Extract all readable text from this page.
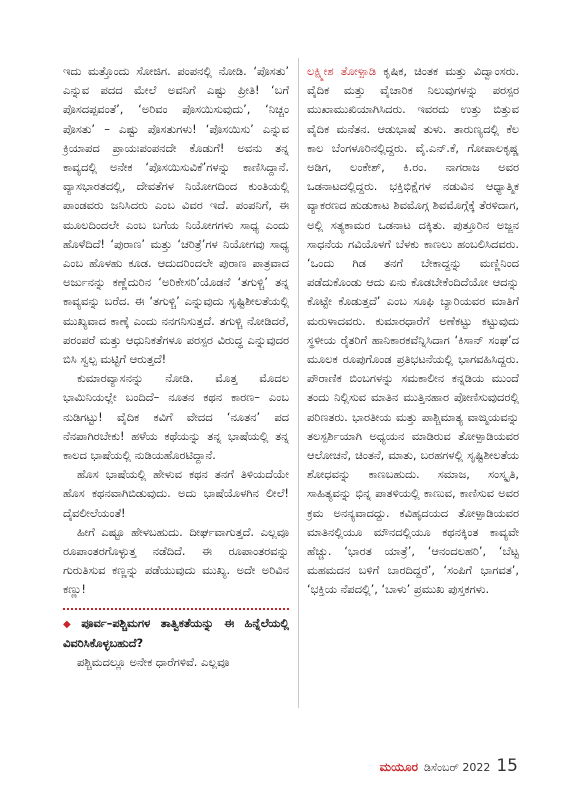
ಇದು ಮತ್ತೊಂದು ಸೋಜಿಗ. ಪಂಪನಲ್ಲಿ ನೋಡಿ. ‘ಪೊಸತು’ ಎನ್ನುವ ಪದದ ಮೇಲೆ ಅವನಿಗೆ ಎಷ್ಟು ಪ್ರೀತಿ! ‘ಬಗೆ ಪೊಸದಪ್ಪವಂತೆ’, ‘ಅರಿವಂ ಪೊಸಯಿಸುವುದು’, ‘ನಿಚ್ಚಂ ಪೊಸತು’ – ಎಷ್ಟು ಪೊಸತುಗಳು! ‘ಪೊಸಯಿಸು’ ಎನ್ನುವ ಕ್ರಿಯಾಪದ ಪ್ರಾಯಃಪಂಪನದೇ ಕೊಡುಗೆ! ಅವನು ತನ್ನ ಕಾವ್ಯದಲ್ಲಿ ಅನೇಕ ‘ಪೊಸಯಿಸುವಿಕೆ’ಗಳನ್ನು ಕಾಣಿಸಿದ್ದಾನೆ. ವ್ಯಾಸಭಾರತದಲ್ಲಿ, ದೇವತೆಗಳ ನಿಯೋಗದಿಂದ ಕುಂತಿಯಲ್ಲಿ ಪಾಂಡವರು ಜನಿಸಿದರು ಎಂಬ ವಿವರ ಇದೆ. ಪಂಪನಿಗೆ, ಈ ಮೂಲದಿಂದಲೇ ಎಂಬ ಬಗೆಯ ನಿಯೋಗಗಳು ಸಾಧ್ಯ ಎಂದು ಹೊಳೆದಿದೆ! ‘ಪುರಾಣ’ ಮತ್ತು ‘ಚರಿತ್ರೆ’ಗಳ ನಿಯೋಗವು ಸಾಧ್ಯ ಎಂಬ ಹೊಳಹು ಕೂಡ. ಆದುದರಿಂದಲೇ ಪುರಾಣ ಪಾತ್ರವಾದ ಅರ್ಜುನನ್ನು ಕಣ್ಣೆದುರಿನ ‘ಅರಿಕೇಸರಿ’ಯೊಡನೆ ‘ತಗುಳ್ಚಿ’ ತನ್ನ ಕಾವ್ಯವನ್ನು ಬರೆದ. ಈ ‘ತಗುಳ್ಚಿ’ ಎನ್ನುವುದು ಸೃಷ್ಟಿಶೀಲತೆಯಲ್ಲಿ ಮುಖ್ಯವಾದ ಕಾಣ್ಕೆ ಎಂದು ನನಗನಿಸುತ್ತದೆ. ತಗುಳ್ಚಿ ನೋಡಿದರೆ, ಪರಂಪರೆ ಮತ್ತು ಆಧುನಿಕತೆಗಳೂ ಪರಸ್ಪರ ವಿರುದ್ಧ ಎನ್ನುವುದರ ಬಿಸಿ ಸ್ವಲ್ಪ ಮಟ್ಟಿಗೆ ಆರುತ್ತದೆ!

ಕುಮಾರವ್ಯಾಸನನ್ನು ನೋಡಿ. ಮೊತ್ತ ಮೊದಲ ಭಾಮಿನಿಯಲ್ಲೇ ಬಂದಿದೆ– ನೂತನ ಕಥನ ಕಾರಣ– ಎಂಬ ನುಡಿಗಟ್ಟು! ವೈದಿಕ ಕವಿಗೆ ವೇದದ ‘ನೂತನ’ ಪದ ನೆನಪಾಗಿರಬೇಕು! ಹಳೆಯ ಕಥೆಯನ್ನು ತನ್ನ ಭಾಷೆಯಲ್ಲಿ ತನ್ನ ಕಾಲದ ಭಾಷೆಯಲ್ಲಿ ನುಡಿಯಹೊರಟಿದ್ದಾನೆ.

ಹೊಸ ಭಾಷೆಯಲ್ಲಿ ಹೇಳುವ ಕಥನ ತನಗೆ ತಿಳಿಯದೆಯೇ ಹೊಸ ಕಥನವಾಗಿಬಿಡುವುದು. ಅದು ಭಾಷೆಯೊಳಗಿನ ಲೀಲೆ! ದೈವಲೀಲೆಯಂತೆ!

ಹೀಗೆ ಎಷ್ಟೂ ಹೇಳಬಹುದು. ದೀರ್ಘವಾಗುತ್ತದೆ. ಎಲ್ಲವೂ ರೂಪಾಂತರಗೊಳ್ಳುತ್ತ ನಡೆದಿದೆ. ಈ ರೂಪಾಂತರವನ್ನು ಗುರುತಿಸುವ ಕಣ್ಣನ್ನು ಪಡೆಯುವುದು ಮುಖ್ಯ. ಅದೇ ಅರಿವಿನ ಕಣ್ಣು!

◆ ಪೂರ್ವ–ಪಶ್ಚಿಮಗಳ ತಾತ್ವಿಕತೆಯನ್ನು ಈ ಹಿನ್ನೆಲೆಯಲ್ಲಿ ವಿವರಿಸಿಕೊಳ್ಳಬಹುದೆ?

ಪಶ್ಚಿಮದಲ್ಲೂ ಅನೇಕ ಧಾರೆಗಳಿವೆ. ಎಲ್ಲವೂ

ಲಕ್ಷ್ಮೀಶ ತೋಳ್ಪಾಡಿ ಕೃಷಿಕ, ಚಿಂತಕ ಮತ್ತು ವಿದ್ವಾಂಸರು. ವೈದಿಕ ಮತ್ತು ವೈಚಾರಿಕ ನಿಲುವುಗಳನ್ನು ಪರಸ್ಪರ ಮುಖಾಮುಖಿಯಾಗಿಸಿದರು. ಇವರದು ಉತ್ತು ಬಿತ್ತುವ ವೈದಿಕ ಮನೆತನ. ಆಡುಭಾಷೆ ತುಳು. ತಾರುಣ್ಯದಲ್ಲಿ ಕೆಲ ಕಾಲ ಬೆಂಗಳೂರಿನಲ್ಲಿದ್ದರು. ವೈ.ಎನ್.ಕೆ, ಗೋಪಾಲಕೃಷ್ಣ ಅಡಿಗ, ಲಂಕೇಶ್, ಕಿ.ರಂ. ನಾಗರಾಜ ಅವರ ಒಡನಾಟದಲ್ಲಿದ್ದರು. ಭಕ್ತಿಭಿಕ್ಷೆಗಳ ನಡುವಿನ ಆಧ್ಯಾತ್ಮಿಕ ವ್ಯಾಕರಣದ ಹುಡುಕಾಟ ಶಿವಮೊಗ್ಗ ಶಿವಮೊಗ್ಗೆಕ್ಕೆ ತೆರಳಿದಾಗ, ಅಲ್ಲಿ ಸತ್ಯಕಾಮರ ಒಡನಾಟ ದಕ್ಕಿತು. ಪುತ್ತೂರಿನ ಅಜ್ಜನ ಸಾಧನೆಯ ಗವಿಯೊಳಗೆ ಬೆಳಕು ಕಾಣಲು ಹಂಬಲಿಸಿದವರು. ‘ಒಂದು ಗಿಡ ತನಗೆ ಬೇಕಾದ್ದನ್ನು ಮಣ್ಣಿನಿಂದ ಪಡೆದುಕೊಂಡು ಆದು ಏನು ಕೊಡಬೇಕೆಂದಿದೆಯೋ ಆದನ್ನು ಕೊಟ್ಟೇ ಕೊಡುತ್ತದೆ’ ಎಂಬ ಸೂಫಿ ಬ್ಯಾರಿಯವರ ಮಾತಿಗೆ ಮರುಳಾದವರು. ಕುಮಾರಧಾರೆಗೆ ಅಣೆಕಟ್ಟು ಕಟ್ಟುವುದು ಸ್ಥಳೀಯ ರೈತರಿಗೆ ಹಾನಿಕಾರಕವೆನ್ನಿಸಿದಾಗ ‘ಕಿಸಾನ್ ಸಂಘ’ದ ಮೂಲಕ ರೂಪುಗೊಂಡ ಪ್ರತಿಭಟನೆಯಲ್ಲಿ ಭಾಗವಹಿಸಿದ್ದರು. ಪೌರಾಣಿಕ ಬಿಂಬಗಳನ್ನು ಸಮಕಾಲೀನ ಕನ್ನಡಿಯ ಮುಂದೆ ತಂದು ನಿಲ್ಲಿಸುವ ಮಾತಿನ ಮುತ್ತಿನಹಾರ ಪೋಣಿಸುವುದರಲ್ಲಿ ಪರಿಣತರು. ಭಾರತೀಯ ಮತ್ತು ಪಾಶ್ಚಿಮಾತ್ಯ ವಾಙ್ಮಯವನ್ನು ತಲಸ್ಪರ್ಶಿಯಾಗಿ ಅಧ್ಯಯನ ಮಾಡಿರುವ ತೋಳ್ಪಾಡಿಯವರ ಆಲೋಚನೆ, ಚಿಂತನೆ, ಮಾತು, ಬರಹಗಳಲ್ಲಿ ಸೃಷ್ಟಿಶೀಲತೆಯ ಶೋಧವನ್ನು ಕಾಣಬಹುದು. ಸಮಾಜ, ಸಂಸ್ಕೃತಿ, ಸಾಹಿತ್ಯವನ್ನು ಭಿನ್ನ ಪಾತಳಿಯಲ್ಲಿ ಕಾಣುವ, ಕಾಣಿಸುವ ಅವರ ಕ್ರಮ ಅನನ್ಯವಾದದ್ದು. ಕವಿಹೃದಯದ ತೋಳ್ಪಾಡಿಯವರ ಮಾತಿನಲ್ಲಿಯೂ ಮೌನದಲ್ಲಿಯೂ ಕಥನಕ್ಕಿಂತ ಕಾವ್ಯವೇ ಹೆಚ್ಚು. ‘ಭಾರತ ಯಾತ್ರೆ’, ‘ಆನಂದಲಹರಿ’, ‘ಬೆಟ್ಟ ಮಹಮದನ ಬಳಿಗೆ ಬಾರದಿದ್ದರೆ’, ‘ಸಂಪಿಗೆ ಭಾಗವತ’, ‘ಭಕ್ತಿಯ ನೆಪದಲ್ಲಿ’, ‘ಬಾಳು’ ಪ್ರಮುಖ ಪುಸ್ತಕಗಳು.

ಮಯೂರ ಡಿಸೆಂಬರ್ 2022 15
